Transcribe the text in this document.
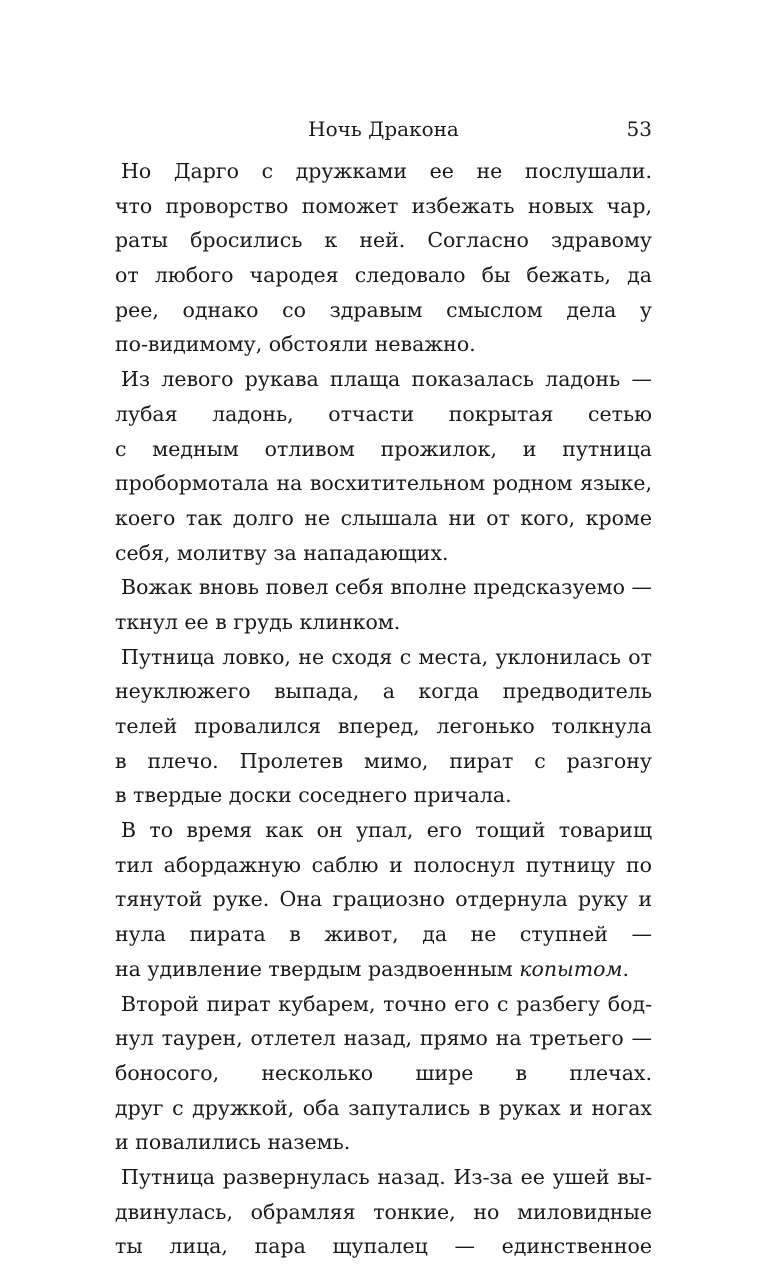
Ночь Дракона	53
Но Дарго с дружками ее не послушали.
что проворство поможет избежать новых чар,
раты бросились к ней. Согласно здравому
от любого чародея следовало бы бежать, да
рее, однако со здравым смыслом дела у
по-видимому, обстояли неважно.
Из левого рукава плаща показалась ладонь —
лубая ладонь, отчасти покрытая сетью
с медным отливом прожилок, и путница
пробормотала на восхитительном родном языке,
коего так долго не слышала ни от кого, кроме
себя, молитву за нападающих.
Вожак вновь повел себя вполне предсказуемо —
ткнул ее в грудь клинком.
Путница ловко, не сходя с места, уклонилась от
неуклюжего выпада, а когда предводитель
телей провалился вперед, легонько толкнула
в плечо. Пролетев мимо, пират с разгону
в твердые доски соседнего причала.
В то время как он упал, его тощий товарищ
тил абордажную саблю и полоснул путницу по
тянутой руке. Она грациозно отдернула руку и
нула пирата в живот, да не ступней —
на удивление твердым раздвоенным копытом.
Второй пират кубарем, точно его с разбегу бод-
нул таурен, отлетел назад, прямо на третьего —
боносого, несколько шире в плечах.
друг с дружкой, оба запутались в руках и ногах
и повалились наземь.
Путница развернулась назад. Из-за ее ушей вы-
двинулась, обрамляя тонкие, но миловидные
ты лица, пара щупалец — единственное
